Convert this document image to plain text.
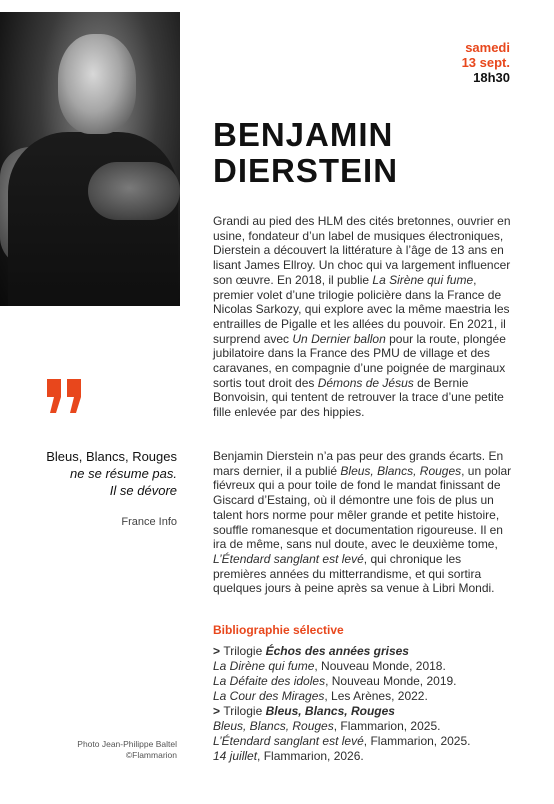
samedi
13 sept.
18h30
BENJAMIN
DIERSTEIN

Grandi au pied des HLM des cités bretonnes, ouvrier en usine, fondateur d’un label de musiques électroniques, Dierstein a découvert la littérature à l’âge de 13 ans en lisant James Ellroy. Un choc qui va largement influencer son œuvre. En 2018, il publie La Sirène qui fume, premier volet d’une trilogie policière dans la France de Nicolas Sarkozy, qui explore avec la même maestria les entrailles de Pigalle et les allées du pouvoir. En 2021, il surprend avec Un Dernier ballon pour la route, plongée jubilatoire dans la France des PMU de village et des caravanes, en compagnie d’une poignée de marginaux sortis tout droit des Démons de Jésus de Bernie Bonvoisin, qui tentent de retrouver la trace d’une petite fille enlevée par des hippies.

Benjamin Dierstein n’a pas peur des grands écarts. En mars dernier, il a publié Bleus, Blancs, Rouges, un polar fiévreux qui a pour toile de fond le mandat finissant de Giscard d’Estaing, où il démontre une fois de plus un talent hors norme pour mêler grande et petite histoire, souffle romanesque et documentation rigoureuse. Il en ira de même, sans nul doute, avec le deuxième tome, L’Étendard sanglant est levé, qui chronique les premières années du mitterrandisme, et qui sortira quelques jours à peine après sa venue à Libri Mondi.

Bibliographie sélective
> Trilogie Échos des années grises
La Dirène qui fume, Nouveau Monde, 2018.
La Défaite des idoles, Nouveau Monde, 2019.
La Cour des Mirages, Les Arènes, 2022.
> Trilogie Bleus, Blancs, Rouges
Bleus, Blancs, Rouges, Flammarion, 2025.
L’Étendard sanglant est levé, Flammarion, 2025.
14 juillet, Flammarion, 2026.
Bleus, Blancs, Rouges
ne se résume pas.
Il se dévore
France Info
Photo Jean-Philippe Baltel
©Flammarion
